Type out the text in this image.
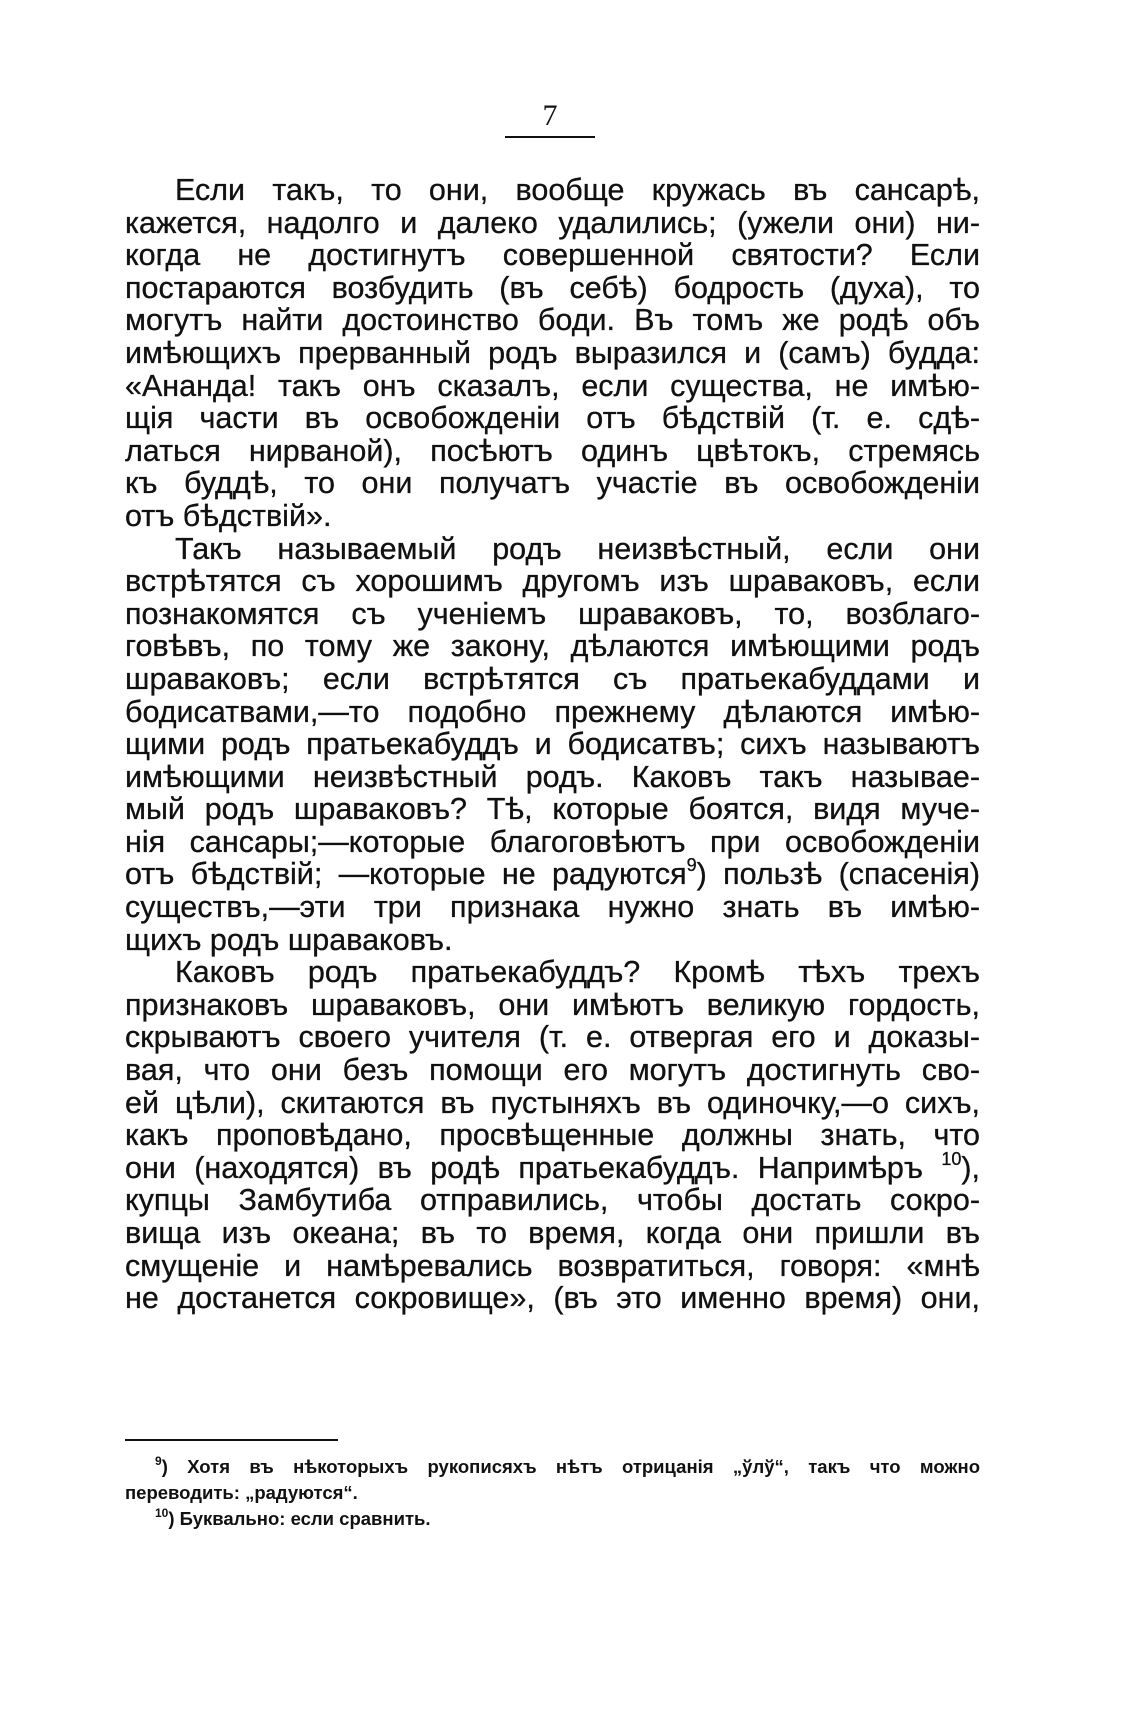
7
Если такъ, то они, вообще кружась въ сансарѣ,
кажется, надолго и далеко удалились; (ужели они) ни-
когда не достигнутъ совершенной святости? Если
постараются возбудить (въ себѣ) бодрость (духа), то
могутъ найти достоинство боди. Въ томъ же родѣ объ
имѣющихъ прерванный родъ выразился и (самъ) будда:
«Ананда! такъ онъ сказалъ, если существа, не имѣю-
щія части въ освобожденіи отъ бѣдствій (т. е. сдѣ-
латься нирваной), посѣютъ одинъ цвѣтокъ, стремясь
къ буддѣ, то они получатъ участіе въ освобожденіи
отъ бѣдствій».
Такъ называемый родъ неизвѣстный, если они
встрѣтятся съ хорошимъ другомъ изъ шраваковъ, если
познакомятся съ ученіемъ шраваковъ, то, возблаго-
говѣвъ, по тому же закону, дѣлаются имѣющими родъ
шраваковъ; если встрѣтятся съ пратьекабуддами и
бодисатвами,—то подобно прежнему дѣлаются имѣю-
щими родъ пратьекабуддъ и бодисатвъ; сихъ называютъ
имѣющими неизвѣстный родъ. Каковъ такъ называе-
мый родъ шраваковъ? Тѣ, которые боятся, видя муче-
нія сансары;—которые благоговѣютъ при освобожденіи
отъ бѣдствій; —которые не радуются$^9$) пользѣ (спасенія)
существъ,—эти три признака нужно знать въ имѣю-
щихъ родъ шраваковъ.
Каковъ родъ пратьекабуддъ? Кромѣ тѣхъ трехъ
признаковъ шраваковъ, они имѣютъ великую гордость,
скрываютъ своего учителя (т. е. отвергая его и доказы-
вая, что они безъ помощи его могутъ достигнуть сво-
ей цѣли), скитаются въ пустыняхъ въ одиночку,—о сихъ,
какъ проповѣдано, просвѣщенные должны знать, что
они (находятся) въ родѣ пратьекабуддъ. Напримѣръ $^{10}$),
купцы Замбутиба отправились, чтобы достать сокро-
вища изъ океана; въ то время, когда они пришли въ
смущеніе и намѣревались возвратиться, говоря: «мнѣ
не достанется сокровище», (въ это именно время) они,
$^9$) Хотя въ нѣкоторыхъ рукописяхъ нѣтъ отрицанія „ўлў“, такъ что можно
переводить: „радуются“.
$^{10}$) Буквально: если сравнить.
